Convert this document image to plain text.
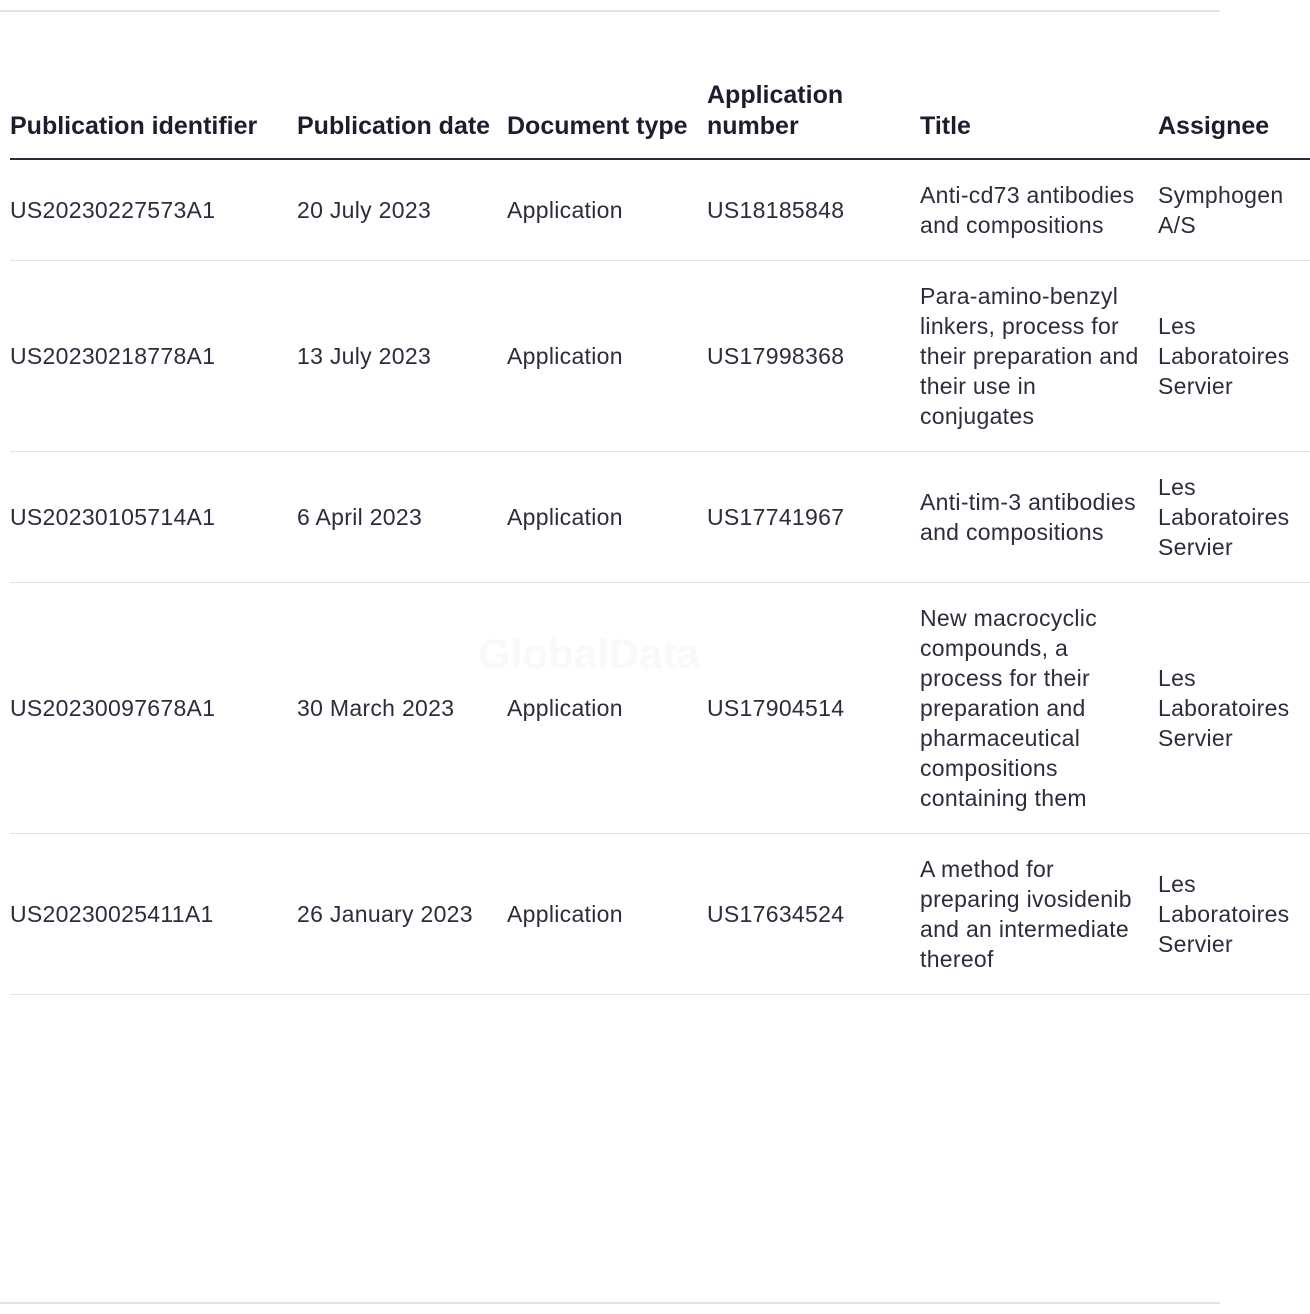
Publication identifier	Publication date	Document type	Application number	Title	Assignee
US20230227573A1	20 July 2023	Application	US18185848	Anti-cd73 antibodies and compositions	Symphogen A/S
US20230218778A1	13 July 2023	Application	US17998368	Para-amino-benzyl linkers, process for their preparation and their use in conjugates	Les Laboratoires Servier
US20230105714A1	6 April 2023	Application	US17741967	Anti-tim-3 antibodies and compositions	Les Laboratoires Servier
US20230097678A1	30 March 2023	Application	US17904514	New macrocyclic compounds, a process for their preparation and pharmaceutical compositions containing them	Les Laboratoires Servier
US20230025411A1	26 January 2023	Application	US17634524	A method for preparing ivosidenib and an intermediate thereof	Les Laboratoires Servier
GlobalData
